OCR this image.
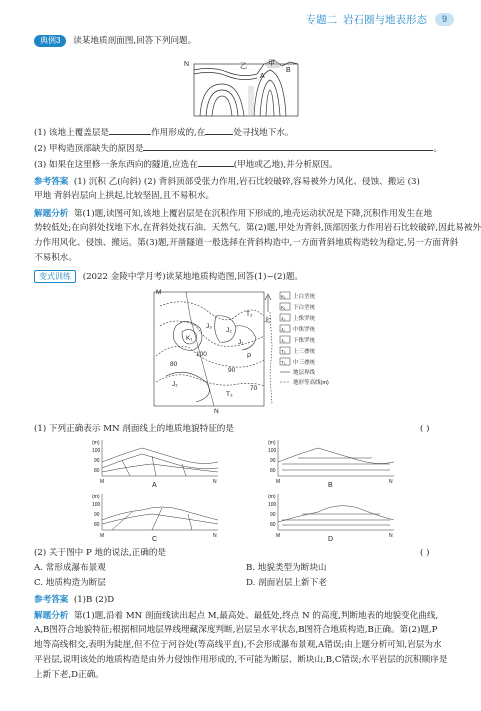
专题二
岩石圈与地表形态	9
典例3 读某地质剖面图,回答下列问题。
N
A
B
甲
乙
(1) 该地上覆盖层是	作用形成的,在	处寻找地下水。
(2) 甲构造顶部缺失的原因是	。
(3) 如果在这里修一条东西向的隧道,应选在	(甲地或乙地),并分析原因。
参考答案 (1) 沉积 乙(向斜) (2) 背斜顶部受张力作用,岩石比较破碎,容易被外力风化、侵蚀、搬运 (3)
甲地 背斜岩层向上拱起,比较坚固,且不易积水。
解题分析 第(1)题,读图可知,该地上覆岩层是在沉积作用下形成的,地壳运动状况是下降,沉积作用发生在地
势较低处;在向斜处找地下水,在背斜处找石油、天然气。第(2)题,甲处为背斜,顶部因张力作用岩石比较破碎,因此易被外
力作用风化、侵蚀、搬运。第(3)题,开凿隧道一般选择在背斜构造中,一方面背斜地质构造较为稳定,另一方面背斜
不易积水。
变式训练 (2022 金陵中学月考)读某地地质构造图,回答(1)~(2)题。
M
N
北
P
K₁
J₃
J₂
J₁
J₂
T₃
T₂
100
90
80
70
K₁ 上白垩统
K₁ 下白垩统
J₃ 上侏罗统
J₂ 中侏罗统
J₁ 下侏罗统
T₃ 上三叠统
T₂ 中三叠统
地层界线
地形等高线(m)
(1) 下列正确表示 MN 剖面线上的地质地貌特征的是	( )
(m)
100
90
80
M	N
A
(m)
100
90
80
M	N
B
(m)
100
90
80
M	N
C
(m)
100
90
80
M	N
D
(2) 关于图中 P 地的说法,正确的是	( )
A. 常形成瀑布景观	B. 地貌类型为断块山
C. 地质构造为断层	D. 剖面岩层上新下老
参考答案 (1)B (2)D
解题分析 第(1)题,沿着 MN 剖面线读出起点 M,最高处、最低处,终点 N 的高度,判断地表的地貌变化曲线,
A,B图符合地貌特征;根据相同地层界线埋藏深度判断,岩层呈水平状态,B图符合地质构造,B正确。第(2)题,P
地等高线相交,表明为陡崖,但不位于河谷处(等高线平直),不会形成瀑布景观,A错误;由上题分析可知,岩层为水
平岩层,说明该处的地质构造是由外力侵蚀作用形成的,不可能为断层、断块山,B,C错误;水平岩层的沉积顺序是
上新下老,D正确。
